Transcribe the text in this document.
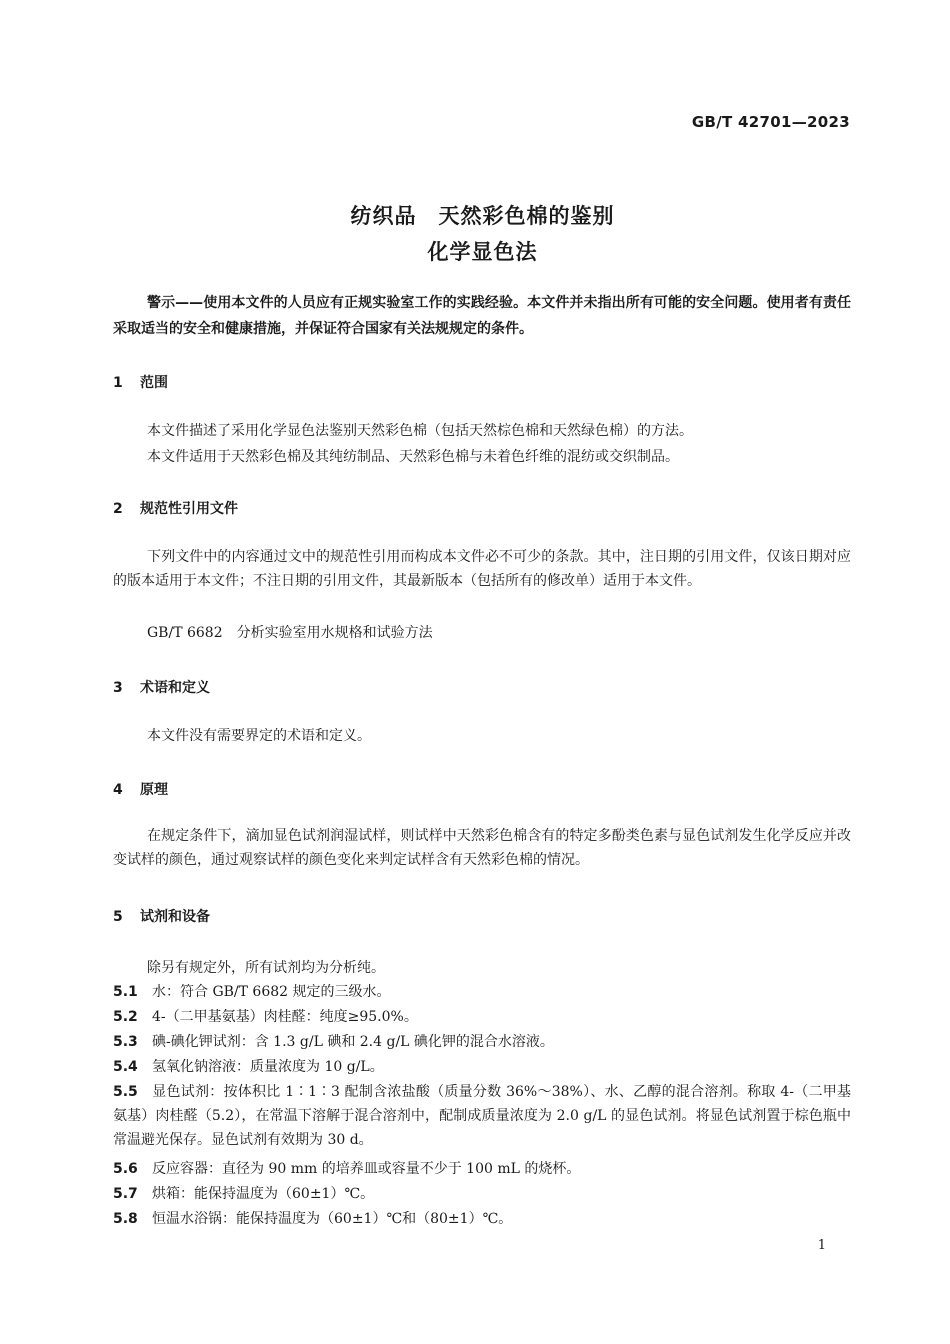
GB/T 42701—2023
纺织品　天然彩色棉的鉴别
化学显色法
警示——使用本文件的人员应有正规实验室工作的实践经验。本文件并未指出所有可能的安全问题。使用者有责任采取适当的安全和健康措施，并保证符合国家有关法规规定的条件。
1 范围
本文件描述了采用化学显色法鉴别天然彩色棉（包括天然棕色棉和天然绿色棉）的方法。
本文件适用于天然彩色棉及其纯纺制品、天然彩色棉与未着色纤维的混纺或交织制品。
2 规范性引用文件
下列文件中的内容通过文中的规范性引用而构成本文件必不可少的条款。其中，注日期的引用文件，仅该日期对应的版本适用于本文件；不注日期的引用文件，其最新版本（包括所有的修改单）适用于本文件。
GB/T 6682　分析实验室用水规格和试验方法
3 术语和定义
本文件没有需要界定的术语和定义。
4 原理
在规定条件下，滴加显色试剂润湿试样，则试样中天然彩色棉含有的特定多酚类色素与显色试剂发生化学反应并改变试样的颜色，通过观察试样的颜色变化来判定试样含有天然彩色棉的情况。
5 试剂和设备
除另有规定外，所有试剂均为分析纯。
5.1 水：符合 GB/T 6682 规定的三级水。
5.2 4-（二甲基氨基）肉桂醛：纯度≥95.0%。
5.3 碘-碘化钾试剂：含 1.3 g/L 碘和 2.4 g/L 碘化钾的混合水溶液。
5.4 氢氧化钠溶液：质量浓度为 10 g/L。
5.5 显色试剂：按体积比 1∶1∶3 配制含浓盐酸（质量分数 36%～38%）、水、乙醇的混合溶剂。称取 4-（二甲基氨基）肉桂醛（5.2），在常温下溶解于混合溶剂中，配制成质量浓度为 2.0 g/L 的显色试剂。将显色试剂置于棕色瓶中常温避光保存。显色试剂有效期为 30 d。
5.6 反应容器：直径为 90 mm 的培养皿或容量不少于 100 mL 的烧杯。
5.7 烘箱：能保持温度为（60±1）℃。
5.8 恒温水浴锅：能保持温度为（60±1）℃和（80±1）℃。
1
